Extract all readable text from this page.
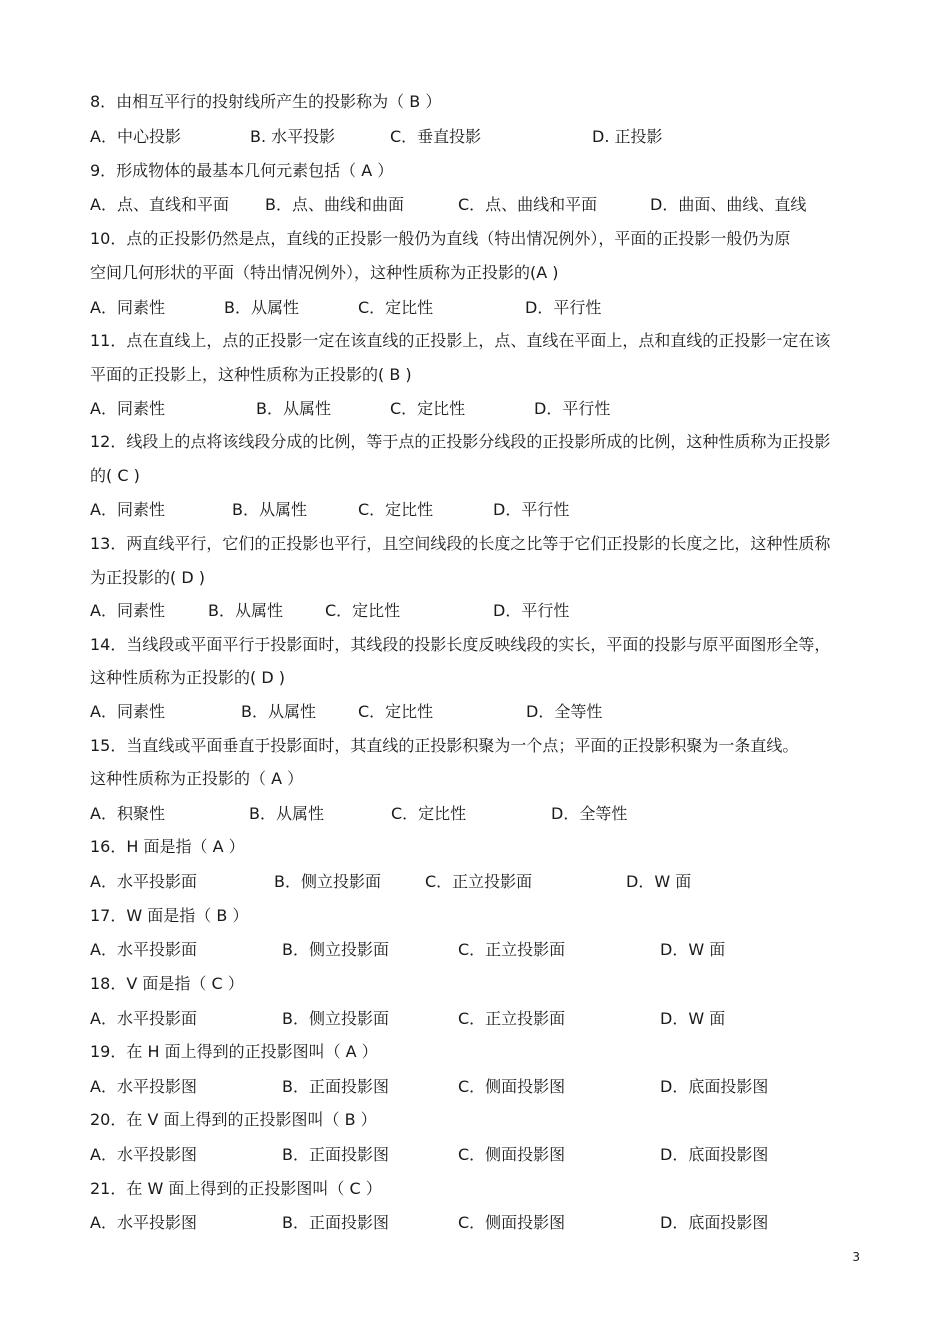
8．由相互平行的投射线所产生的投影称为（ B ）
A．中心投影	B. 水平投影	C．垂直投影	D. 正投影
9．形成物体的最基本几何元素包括（ A ）
A．点、直线和平面 B．点、曲线和曲面	C．点、曲线和平面	D．曲面、曲线、直线
10．点的正投影仍然是点，直线的正投影一般仍为直线（特出情况例外），平面的正投影一般仍为原
空间几何形状的平面（特出情况例外），这种性质称为正投影的(A )
A．同素性	B．从属性	C．定比性	D．平行性
11．点在直线上，点的正投影一定在该直线的正投影上，点、直线在平面上，点和直线的正投影一定在该
平面的正投影上，这种性质称为正投影的( B )
A．同素性	B．从属性	C．定比性	D．平行性
12．线段上的点将该线段分成的比例，等于点的正投影分线段的正投影所成的比例，这种性质称为正投影
的( C )
A．同素性	B．从属性	C．定比性	D．平行性
13．两直线平行，它们的正投影也平行，且空间线段的长度之比等于它们正投影的长度之比，这种性质称
为正投影的( D )
A．同素性	B．从属性	C．定比性	D．平行性
14．当线段或平面平行于投影面时，其线段的投影长度反映线段的实长，平面的投影与原平面图形全等，
这种性质称为正投影的( D )
A．同素性	B．从属性	C．定比性	D．全等性
15．当直线或平面垂直于投影面时，其直线的正投影积聚为一个点；平面的正投影积聚为一条直线。
这种性质称为正投影的（ A ）
A．积聚性	B．从属性	C．定比性	D．全等性
16．H 面是指（ A ）
A．水平投影面	B．侧立投影面	C．正立投影面	D．W 面
17．W 面是指（ B ）
A．水平投影面	B．侧立投影面	C．正立投影面	D．W 面
18．V 面是指（ C ）
A．水平投影面	B．侧立投影面	C．正立投影面	D．W 面
19．在 H 面上得到的正投影图叫（ A ）
A．水平投影图	B．正面投影图	C．侧面投影图	D．底面投影图
20．在 V 面上得到的正投影图叫（ B ）
A．水平投影图	B．正面投影图	C．侧面投影图	D．底面投影图
21．在 W 面上得到的正投影图叫（ C ）
A．水平投影图	B．正面投影图	C．侧面投影图	D．底面投影图
3
